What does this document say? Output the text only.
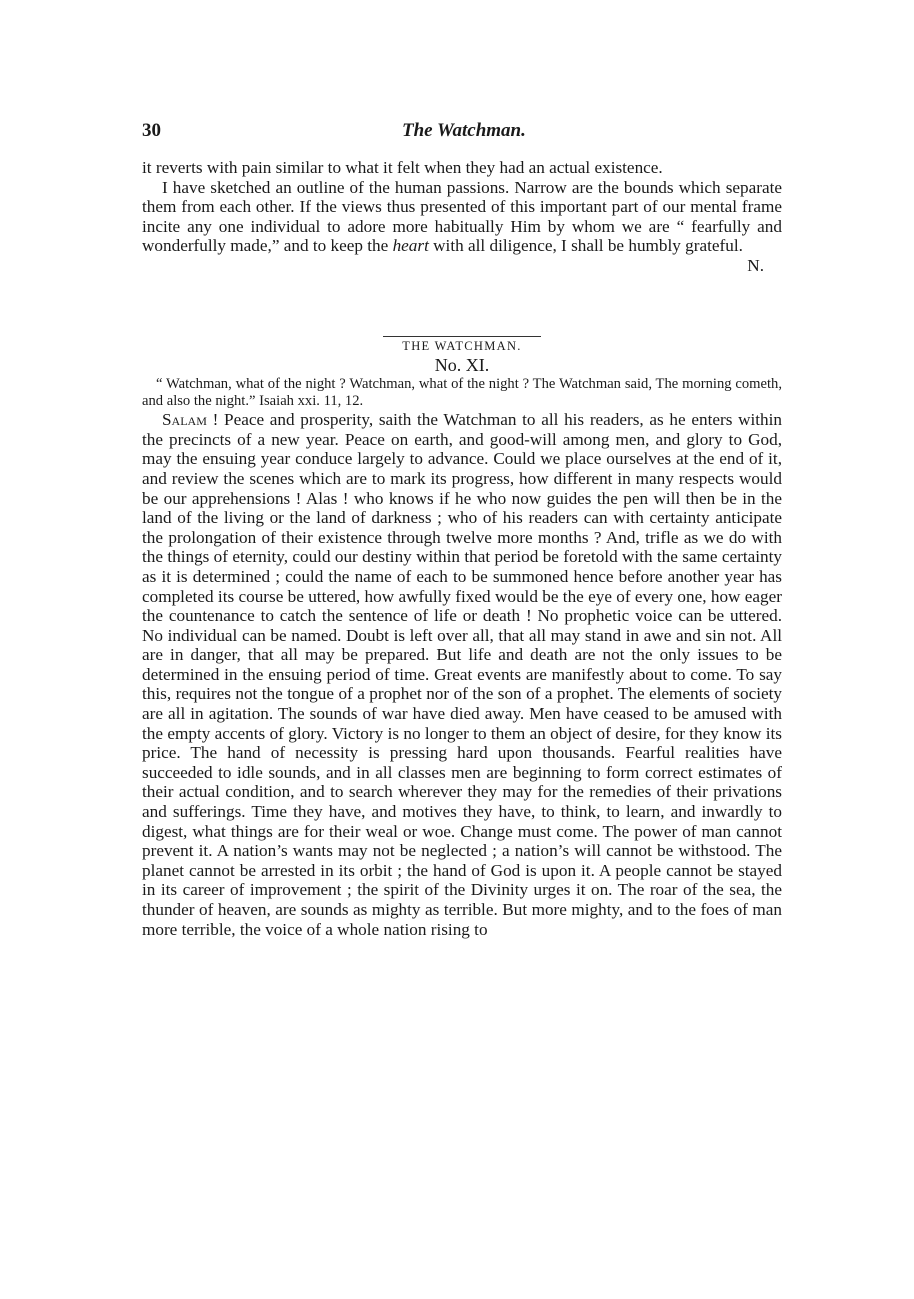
30	The Watchman.

it reverts with pain similar to what it felt when they had an actual existence.

I have sketched an outline of the human passions. Narrow are the bounds which separate them from each other. If the views thus presented of this important part of our mental frame incite any one individual to adore more habitually Him by whom we are “ fearfully and wonderfully made,” and to keep the heart with all diligence, I shall be humbly grateful.

N.

THE WATCHMAN.

No. XI.

“ Watchman, what of the night ? Watchman, what of the night ? The Watchman said, The morning cometh, and also the night.” Isaiah xxi. 11, 12.

Salam ! Peace and prosperity, saith the Watchman to all his readers, as he enters within the precincts of a new year. Peace on earth, and good-will among men, and glory to God, may the ensuing year conduce largely to advance. Could we place ourselves at the end of it, and review the scenes which are to mark its progress, how different in many respects would be our apprehensions ! Alas ! who knows if he who now guides the pen will then be in the land of the living or the land of darkness ; who of his readers can with certainty anticipate the prolongation of their existence through twelve more months ? And, trifle as we do with the things of eternity, could our destiny within that period be foretold with the same certainty as it is determined ; could the name of each to be summoned hence before another year has completed its course be uttered, how awfully fixed would be the eye of every one, how eager the countenance to catch the sentence of life or death ! No prophetic voice can be uttered. No individual can be named. Doubt is left over all, that all may stand in awe and sin not. All are in danger, that all may be prepared. But life and death are not the only issues to be determined in the ensuing period of time. Great events are manifestly about to come. To say this, requires not the tongue of a prophet nor of the son of a prophet. The elements of society are all in agitation. The sounds of war have died away. Men have ceased to be amused with the empty accents of glory. Victory is no longer to them an object of desire, for they know its price. The hand of necessity is pressing hard upon thousands. Fearful realities have succeeded to idle sounds, and in all classes men are beginning to form correct estimates of their actual condition, and to search wherever they may for the remedies of their privations and sufferings. Time they have, and motives they have, to think, to learn, and inwardly to digest, what things are for their weal or woe. Change must come. The power of man cannot prevent it. A nation’s wants may not be neglected ; a nation’s will cannot be withstood. The planet cannot be arrested in its orbit ; the hand of God is upon it. A people cannot be stayed in its career of improvement ; the spirit of the Divinity urges it on. The roar of the sea, the thunder of heaven, are sounds as mighty as terrible. But more mighty, and to the foes of man more terrible, the voice of a whole nation rising to
